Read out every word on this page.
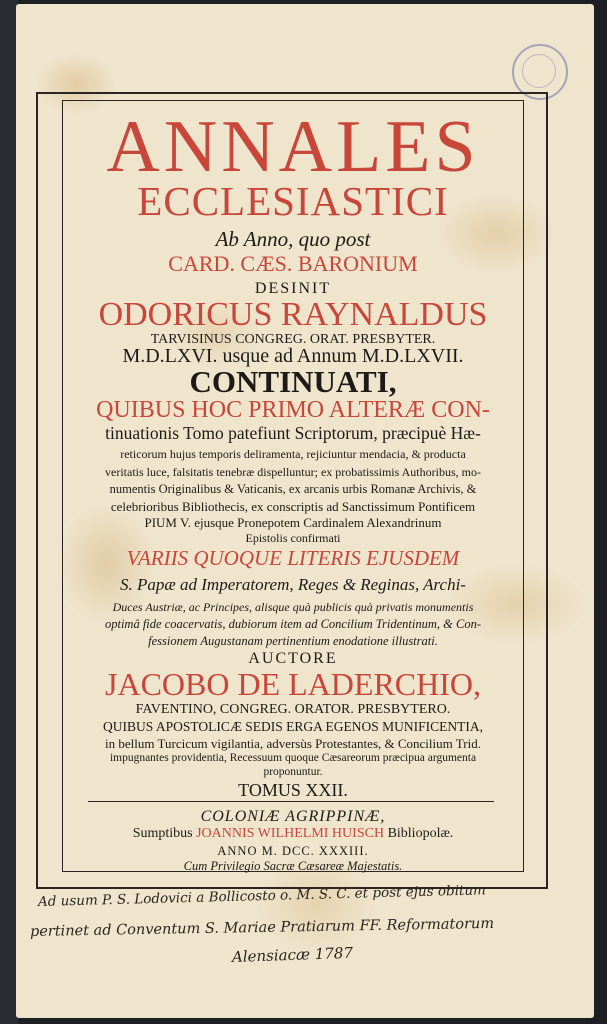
ANNALES
ECCLESIASTICI
Ab Anno, quo post
CARD. CÆS. BARONIUM
DESINIT
ODORICUS RAYNALDUS
TARVISINUS CONGREG. ORAT. PRESBYTER.
M.D.LXVI. usque ad Annum M.D.LXVII.
CONTINUATI,
QUIBUS HOC PRIMO ALTERÆ CON-
tinuationis Tomo patefiunt Scriptorum, præcipuè Hæ-
reticorum hujus temporis deliramenta, rejiciuntur mendacia, & producta
veritatis luce, falsitatis tenebræ dispelluntur; ex probatissimis Authoribus, mo-
numentis Originalibus & Vaticanis, ex arcanis urbis Romanæ Archivis, &
celebrioribus Bibliothecis, ex conscriptis ad Sanctissimum Pontificem
PIUM V. ejusque Pronepotem Cardinalem Alexandrinum
Epistolis confirmati
VARIIS QUOQUE LITERIS EJUSDEM
S. Papæ ad Imperatorem, Reges & Reginas, Archi-
Duces Austriæ, ac Principes, alisque quà publicis quà privatis monumentis
optimâ fide coacervatis, dubiorum item ad Concilium Tridentinum, & Con-
fessionem Augustanam pertinentium enodatione illustrati.
AUCTORE
JACOBO DE LADERCHIO,
FAVENTINO, CONGREG. ORATOR. PRESBYTERO.
QUIBUS APOSTOLICÆ SEDIS ERGA EGENOS MUNIFICENTIA,
in bellum Turcicum vigilantia, adversùs Protestantes, & Concilium Trid.
impugnantes providentia, Recessuum quoque Cæsareorum præcipua argumenta
proponuntur.
TOMUS XXII.
COLONIÆ AGRIPPINÆ,
Sumptibus JOANNIS WILHELMI HUISCH Bibliopolæ.
ANNO M. DCC. XXXIII.
Cum Privilegio Sacræ Cæsareæ Majestatis.
Ad usum P. S. Lodovici a Bollicosto o. M. S. C. et post ejus obitum
pertinet ad Conventum S. Mariae Pratiarum FF. Reformatorum
Alensiacæ 1787
